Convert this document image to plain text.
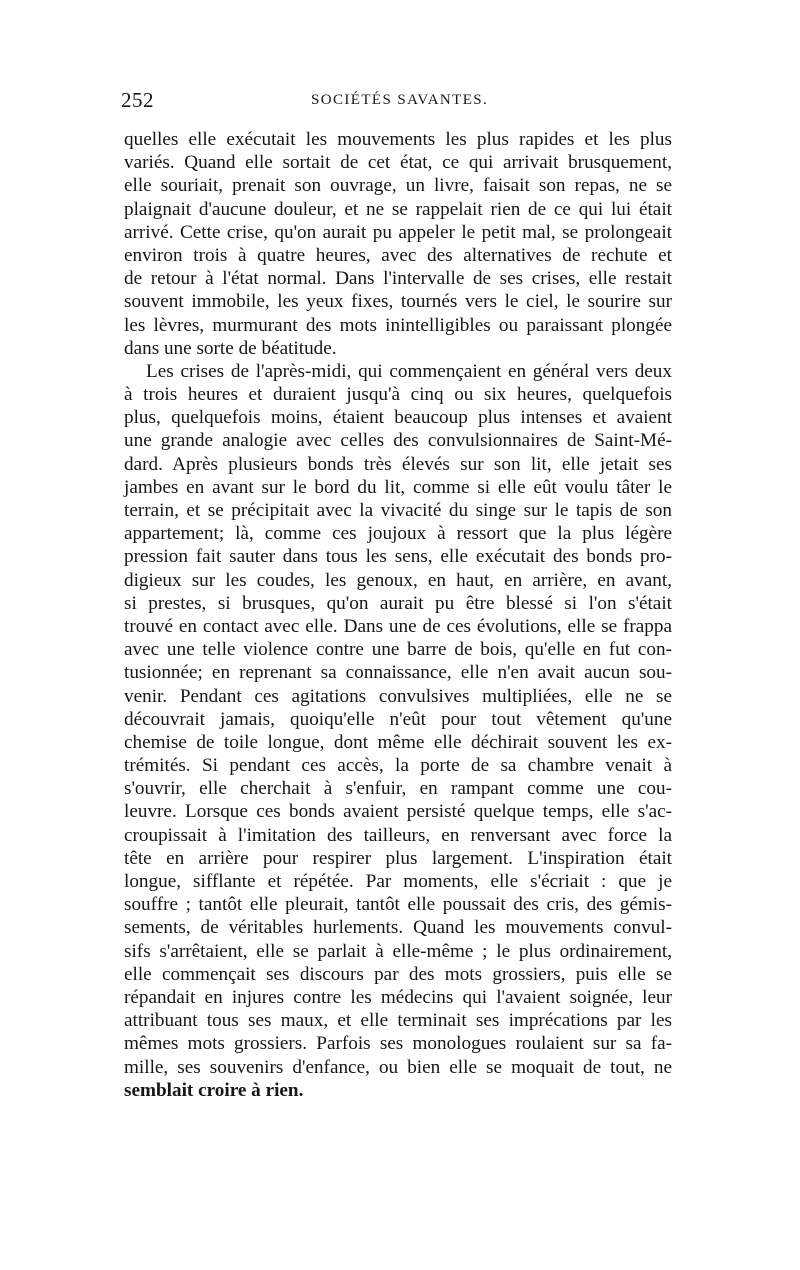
252	SOCIÉTÉS SAVANTES.
quelles elle exécutait les mouvements les plus rapides et les plus
variés. Quand elle sortait de cet état, ce qui arrivait brusquement,
elle souriait, prenait son ouvrage, un livre, faisait son repas, ne se
plaignait d'aucune douleur, et ne se rappelait rien de ce qui lui était
arrivé. Cette crise, qu'on aurait pu appeler le petit mal, se prolongeait
environ trois à quatre heures, avec des alternatives de rechute et
de retour à l'état normal. Dans l'intervalle de ses crises, elle restait
souvent immobile, les yeux fixes, tournés vers le ciel, le sourire sur
les lèvres, murmurant des mots inintelligibles ou paraissant plongée
dans une sorte de béatitude.
Les crises de l'après-midi, qui commençaient en général vers deux
à trois heures et duraient jusqu'à cinq ou six heures, quelquefois
plus, quelquefois moins, étaient beaucoup plus intenses et avaient
une grande analogie avec celles des convulsionnaires de Saint-Mé-
dard. Après plusieurs bonds très élevés sur son lit, elle jetait ses
jambes en avant sur le bord du lit, comme si elle eût voulu tâter le
terrain, et se précipitait avec la vivacité du singe sur le tapis de son
appartement; là, comme ces joujoux à ressort que la plus légère
pression fait sauter dans tous les sens, elle exécutait des bonds pro-
digieux sur les coudes, les genoux, en haut, en arrière, en avant,
si prestes, si brusques, qu'on aurait pu être blessé si l'on s'était
trouvé en contact avec elle. Dans une de ces évolutions, elle se frappa
avec une telle violence contre une barre de bois, qu'elle en fut con-
tusionnée; en reprenant sa connaissance, elle n'en avait aucun sou-
venir. Pendant ces agitations convulsives multipliées, elle ne se
découvrait jamais, quoiqu'elle n'eût pour tout vêtement qu'une
chemise de toile longue, dont même elle déchirait souvent les ex-
trémités. Si pendant ces accès, la porte de sa chambre venait à
s'ouvrir, elle cherchait à s'enfuir, en rampant comme une cou-
leuvre. Lorsque ces bonds avaient persisté quelque temps, elle s'ac-
croupissait à l'imitation des tailleurs, en renversant avec force la
tête en arrière pour respirer plus largement. L'inspiration était
longue, sifflante et répétée. Par moments, elle s'écriait : que je
souffre ; tantôt elle pleurait, tantôt elle poussait des cris, des gémis-
sements, de véritables hurlements. Quand les mouvements convul-
sifs s'arrêtaient, elle se parlait à elle-même ; le plus ordinairement,
elle commençait ses discours par des mots grossiers, puis elle se
répandait en injures contre les médecins qui l'avaient soignée, leur
attribuant tous ses maux, et elle terminait ses imprécations par les
mêmes mots grossiers. Parfois ses monologues roulaient sur sa fa-
mille, ses souvenirs d'enfance, ou bien elle se moquait de tout, ne
semblait croire à rien.
